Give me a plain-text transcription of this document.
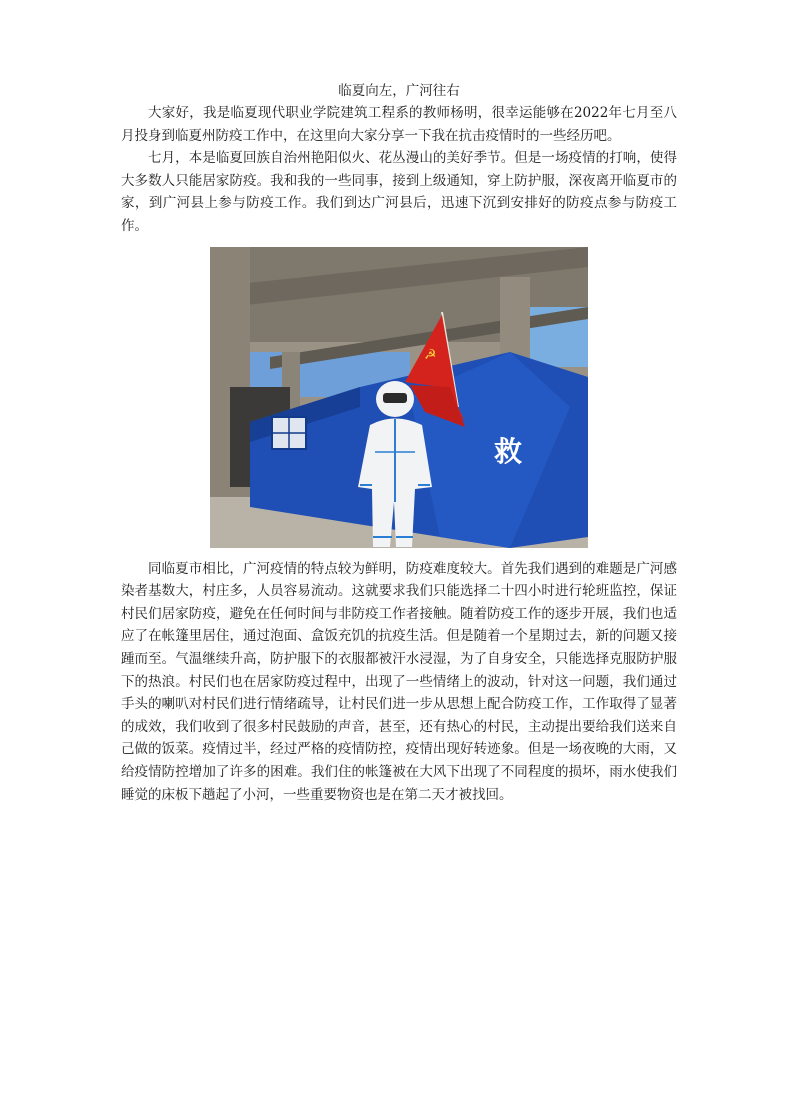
临夏向左，广河往右

大家好，我是临夏现代职业学院建筑工程系的教师杨明，很幸运能够在2022年七月至八月投身到临夏州防疫工作中，在这里向大家分享一下我在抗击疫情时的一些经历吧。

七月，本是临夏回族自治州艳阳似火、花丛漫山的美好季节。但是一场疫情的打响，使得大多数人只能居家防疫。我和我的一些同事，接到上级通知，穿上防护服，深夜离开临夏市的家，到广河县上参与防疫工作。我们到达广河县后，迅速下沉到安排好的防疫点参与防疫工作。

救
☭

同临夏市相比，广河疫情的特点较为鲜明，防疫难度较大。首先我们遇到的难题是广河感染者基数大，村庄多，人员容易流动。这就要求我们只能选择二十四小时进行轮班监控，保证村民们居家防疫，避免在任何时间与非防疫工作者接触。随着防疫工作的逐步开展，我们也适应了在帐篷里居住，通过泡面、盒饭充饥的抗疫生活。但是随着一个星期过去，新的问题又接踵而至。气温继续升高，防护服下的衣服都被汗水浸湿，为了自身安全，只能选择克服防护服下的热浪。村民们也在居家防疫过程中，出现了一些情绪上的波动，针对这一问题，我们通过手头的喇叭对村民们进行情绪疏导，让村民们进一步从思想上配合防疫工作，工作取得了显著的成效，我们收到了很多村民鼓励的声音，甚至，还有热心的村民，主动提出要给我们送来自己做的饭菜。疫情过半，经过严格的疫情防控，疫情出现好转迹象。但是一场夜晚的大雨，又给疫情防控增加了许多的困难。我们住的帐篷被在大风下出现了不同程度的损坏，雨水使我们睡觉的床板下趟起了小河，一些重要物资也是在第二天才被找回。
